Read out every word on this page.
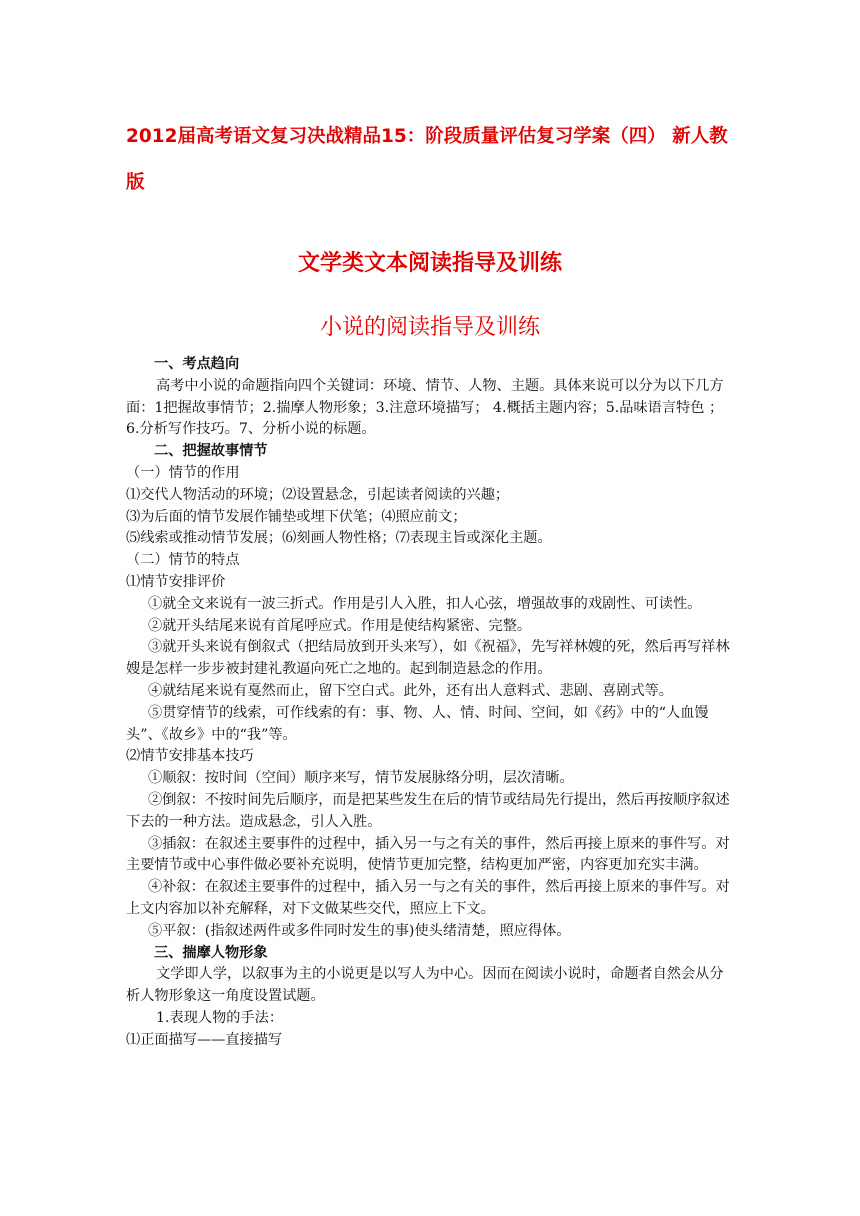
2012届高考语文复习决战精品15：阶段质量评估复习学案（四） 新人教版
文学类文本阅读指导及训练
小说的阅读指导及训练

一、考点趋向

高考中小说的命题指向四个关键词：环境、情节、人物、主题。具体来说可以分为以下几方面：1把握故事情节；2.揣摩人物形象；3.注意环境描写； 4.概括主题内容；5.品味语言特色 ；6.分析写作技巧。7、分析小说的标题。

二、把握故事情节

（一）情节的作用

⑴交代人物活动的环境；⑵设置悬念，引起读者阅读的兴趣；

⑶为后面的情节发展作铺垫或埋下伏笔；⑷照应前文；

⑸线索或推动情节发展；⑹刻画人物性格；⑺表现主旨或深化主题。

（二）情节的特点

⑴情节安排评价

①就全文来说有一波三折式。作用是引人入胜，扣人心弦，增强故事的戏剧性、可读性。

②就开头结尾来说有首尾呼应式。作用是使结构紧密、完整。

③就开头来说有倒叙式（把结局放到开头来写），如《祝福》，先写祥林嫂的死，然后再写祥林嫂是怎样一步步被封建礼教逼向死亡之地的。起到制造悬念的作用。

④就结尾来说有戛然而止，留下空白式。此外，还有出人意料式、悲剧、喜剧式等。

⑤贯穿情节的线索，可作线索的有：事、物、人、情、时间、空间，如《药》中的“人血馒头”、《故乡》中的“我”等。

⑵情节安排基本技巧

①顺叙：按时间（空间）顺序来写，情节发展脉络分明，层次清晰。

②倒叙：不按时间先后顺序，而是把某些发生在后的情节或结局先行提出，然后再按顺序叙述下去的一种方法。造成悬念，引人入胜。

③插叙：在叙述主要事件的过程中，插入另一与之有关的事件，然后再接上原来的事件写。对主要情节或中心事件做必要补充说明，使情节更加完整，结构更加严密，内容更加充实丰满。

④补叙：在叙述主要事件的过程中，插入另一与之有关的事件，然后再接上原来的事件写。对上文内容加以补充解释，对下文做某些交代，照应上下文。

⑤平叙：(指叙述两件或多件同时发生的事)使头绪清楚，照应得体。

三、揣摩人物形象

文学即人学，以叙事为主的小说更是以写人为中心。因而在阅读小说时，命题者自然会从分析人物形象这一角度设置试题。

1.表现人物的手法：

⑴正面描写——直接描写
